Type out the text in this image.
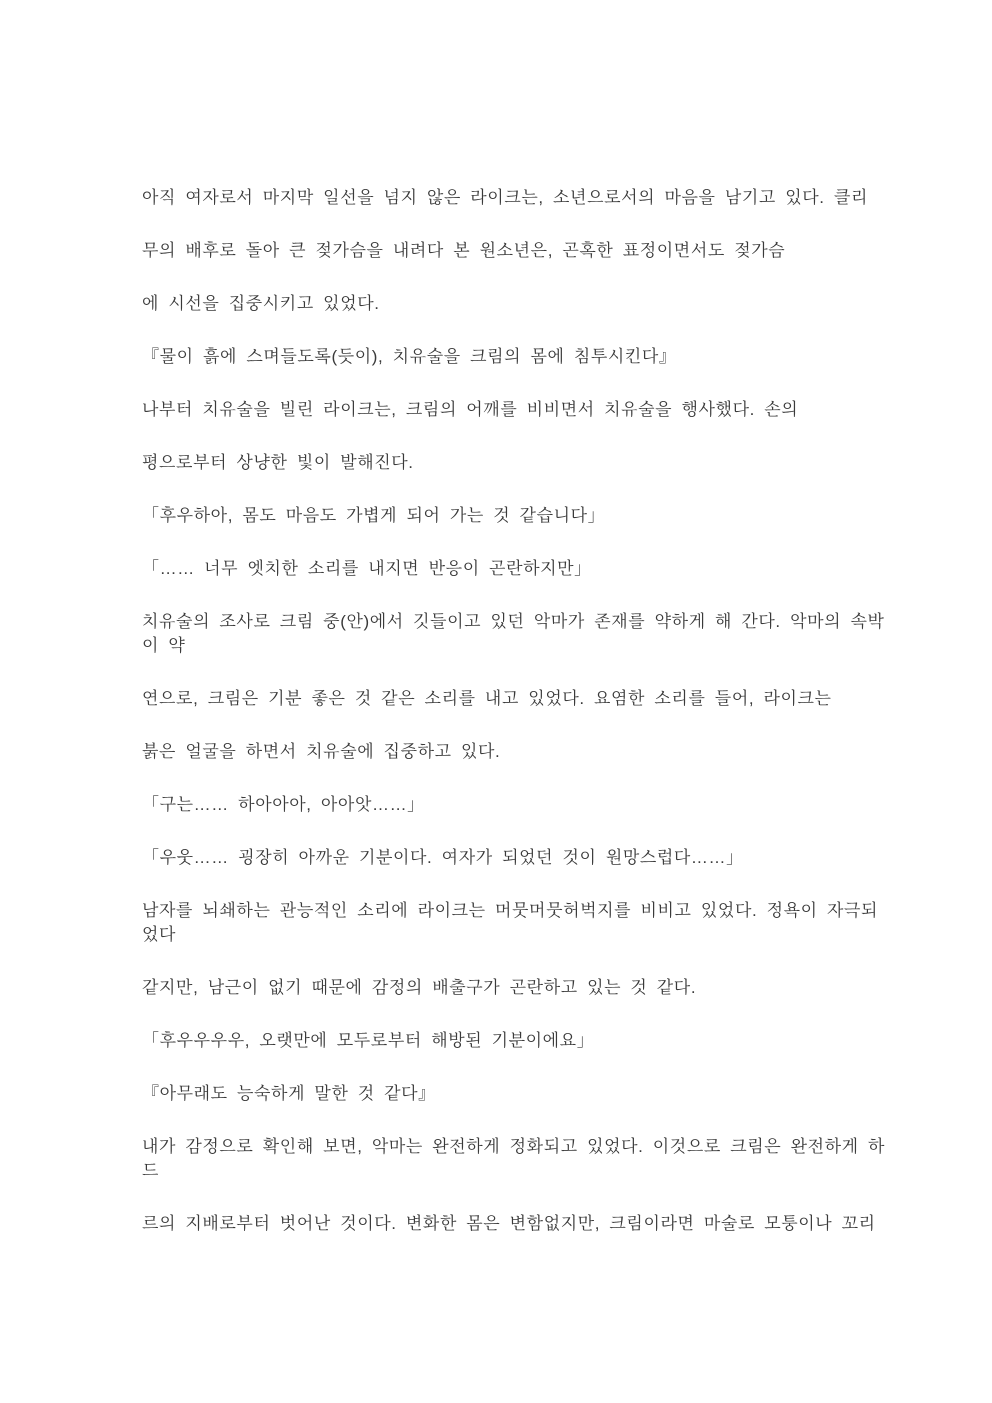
아직 여자로서 마지막 일선을 넘지 않은 라이크는, 소년으로서의 마음을 남기고 있다. 클리

무의 배후로 돌아 큰 젖가슴을 내려다 본 원소년은, 곤혹한 표정이면서도 젖가슴

에 시선을 집중시키고 있었다.

『물이 흙에 스며들도록(듯이), 치유술을 크림의 몸에 침투시킨다』

나부터 치유술을 빌린 라이크는, 크림의 어깨를 비비면서 치유술을 행사했다. 손의

평으로부터 상냥한 빛이 발해진다.

「후우하아, 몸도 마음도 가볍게 되어 가는 것 같습니다」

「…… 너무 엣치한 소리를 내지면 반응이 곤란하지만」

치유술의 조사로 크림 중(안)에서 깃들이고 있던 악마가 존재를 약하게 해 간다. 악마의 속박
이 약

연으로, 크림은 기분 좋은 것 같은 소리를 내고 있었다. 요염한 소리를 들어, 라이크는

붉은 얼굴을 하면서 치유술에 집중하고 있다.

「구는…… 하아아아, 아아앗……」

「우웃…… 굉장히 아까운 기분이다. 여자가 되었던 것이 원망스럽다……」

남자를 뇌쇄하는 관능적인 소리에 라이크는 머뭇머뭇허벅지를 비비고 있었다. 정욕이 자극되
었다

같지만, 남근이 없기 때문에 감정의 배출구가 곤란하고 있는 것 같다.

「후우우우우, 오랫만에 모두로부터 해방된 기분이에요」

『아무래도 능숙하게 말한 것 같다』

내가 감정으로 확인해 보면, 악마는 완전하게 정화되고 있었다. 이것으로 크림은 완전하게 하
드

르의 지배로부터 벗어난 것이다. 변화한 몸은 변함없지만, 크림이라면 마술로 모퉁이나 꼬리
